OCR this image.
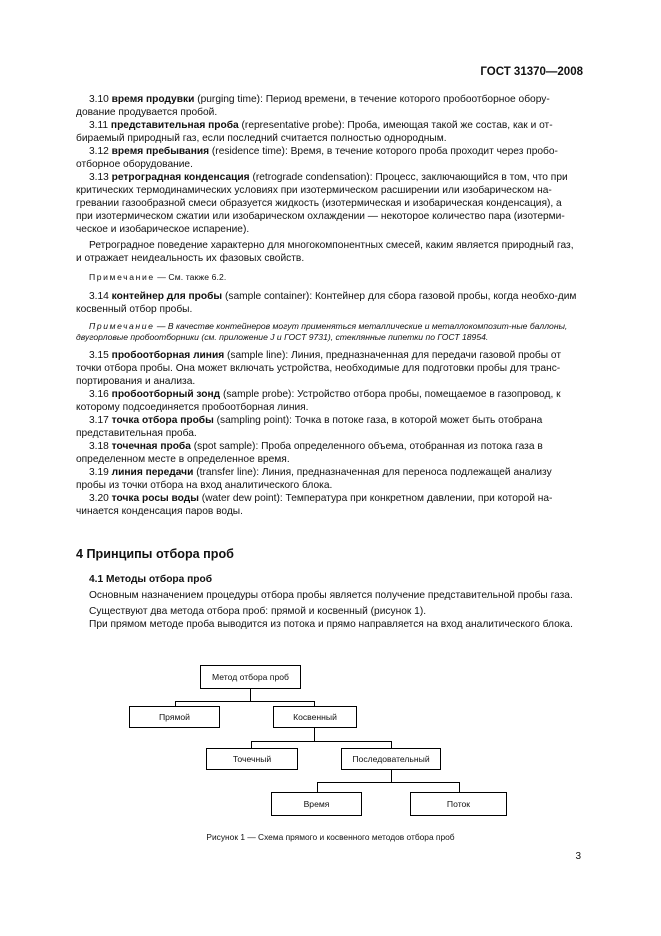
ГОСТ 31370—2008

3.10 время продувки (purging time): Период времени, в течение которого пробоотборное обору-дование продувается пробой.

3.11 представительная проба (representative probe): Проба, имеющая такой же состав, как и от-бираемый природный газ, если последний считается полностью однородным.

3.12 время пребывания (residence time): Время, в течение которого проба проходит через пробо-отборное оборудование.

3.13 ретроградная конденсация (retrograde condensation): Процесс, заключающийся в том, что при критических термодинамических условиях при изотермическом расширении или изобарическом на-гревании газообразной смеси образуется жидкость (изотермическая и изобарическая конденсация), а при изотермическом сжатии или изобарическом охлаждении — некоторое количество пара (изотерми-ческое и изобарическое испарение).

Ретроградное поведение характерно для многокомпонентных смесей, каким является природный газ, и отражает неидеальность их фазовых свойств.

Примечание — См. также 6.2.

3.14 контейнер для пробы (sample container): Контейнер для сбора газовой пробы, когда необхо-дим косвенный отбор пробы.

Примечание — В качестве контейнеров могут применяться металлические и металлокомпозит-ные баллоны, двугорловые пробоотборники (см. приложение J и ГОСТ 9731), стеклянные пипетки по ГОСТ 18954.

3.15 пробоотборная линия (sample line): Линия, предназначенная для передачи газовой пробы от точки отбора пробы. Она может включать устройства, необходимые для подготовки пробы для транс-портирования и анализа.

3.16 пробоотборный зонд (sample probe): Устройство отбора пробы, помещаемое в газопровод, к которому подсоединяется пробоотборная линия.

3.17 точка отбора пробы (sampling point): Точка в потоке газа, в которой может быть отобрана представительная проба.

3.18 точечная проба (spot sample): Проба определенного объема, отобранная из потока газа в определенном месте в определенное время.

3.19 линия передачи (transfer line): Линия, предназначенная для переноса подлежащей анализу пробы из точки отбора на вход аналитического блока.

3.20 точка росы воды (water dew point): Температура при конкретном давлении, при которой на-чинается конденсация паров воды.

4 Принципы отбора проб
4.1 Методы отбора проб

Основным назначением процедуры отбора пробы является получение представительной пробы газа.

Существуют два метода отбора проб: прямой и косвенный (рисунок 1).

При прямом методе проба выводится из потока и прямо направляется на вход аналитического блока.

Метод отбора проб
Прямой	Косвенный
Точечный	Последовательный
Время	Поток
Рисунок 1 — Схема прямого и косвенного методов отбора проб
3
